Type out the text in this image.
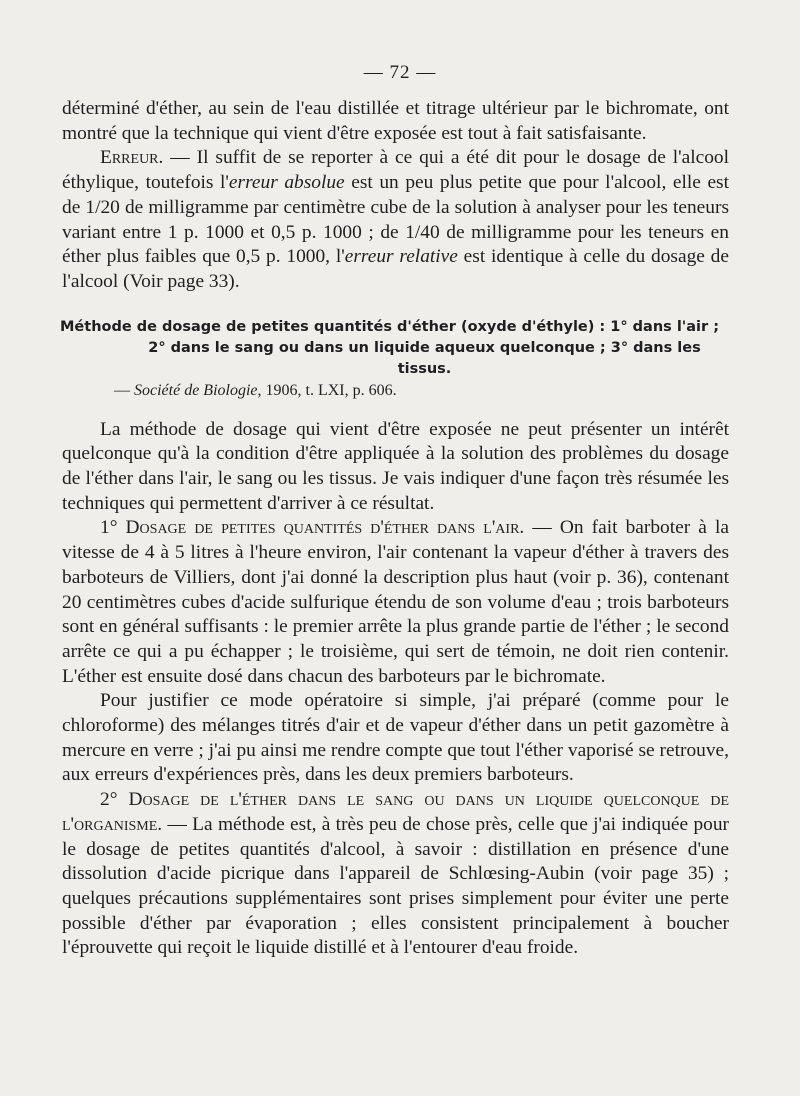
— 72 —

déterminé d'éther, au sein de l'eau distillée et titrage ultérieur par le bichromate, ont montré que la technique qui vient d'être exposée est tout à fait satisfaisante.

Erreur. — Il suffit de se reporter à ce qui a été dit pour le dosage de l'alcool éthylique, toutefois l'erreur absolue est un peu plus petite que pour l'alcool, elle est de 1/20 de milligramme par centimètre cube de la solution à analyser pour les teneurs variant entre 1 p. 1000 et 0,5 p. 1000 ; de 1/40 de milligramme pour les teneurs en éther plus faibles que 0,5 p. 1000, l'erreur relative est identique à celle du dosage de l'alcool (Voir page 33).

Méthode de dosage de petites quantités d'éther (oxyde d'éthyle) : 1° dans l'air ;
2° dans le sang ou dans un liquide aqueux quelconque ; 3° dans les tissus.
— Société de Biologie, 1906, t. LXI, p. 606.

La méthode de dosage qui vient d'être exposée ne peut présenter un intérêt quelconque qu'à la condition d'être appliquée à la solution des problèmes du dosage de l'éther dans l'air, le sang ou les tissus. Je vais indiquer d'une façon très résumée les techniques qui permettent d'arriver à ce résultat.

1° Dosage de petites quantités d'éther dans l'air. — On fait barboter à la vitesse de 4 à 5 litres à l'heure environ, l'air contenant la vapeur d'éther à travers des barboteurs de Villiers, dont j'ai donné la description plus haut (voir p. 36), contenant 20 centimètres cubes d'acide sulfurique étendu de son volume d'eau ; trois barboteurs sont en général suffisants : le premier arrête la plus grande partie de l'éther ; le second arrête ce qui a pu échapper ; le troisième, qui sert de témoin, ne doit rien contenir. L'éther est ensuite dosé dans chacun des barboteurs par le bichromate.

Pour justifier ce mode opératoire si simple, j'ai préparé (comme pour le chloroforme) des mélanges titrés d'air et de vapeur d'éther dans un petit gazomètre à mercure en verre ; j'ai pu ainsi me rendre compte que tout l'éther vaporisé se retrouve, aux erreurs d'expériences près, dans les deux premiers barboteurs.

2° Dosage de l'éther dans le sang ou dans un liquide quelconque de l'organisme. — La méthode est, à très peu de chose près, celle que j'ai indiquée pour le dosage de petites quantités d'alcool, à savoir : distillation en présence d'une dissolution d'acide picrique dans l'appareil de Schlœsing-Aubin (voir page 35) ; quelques précautions supplémentaires sont prises simplement pour éviter une perte possible d'éther par évaporation ; elles consistent principalement à boucher l'éprouvette qui reçoit le liquide distillé et à l'entourer d'eau froide.
